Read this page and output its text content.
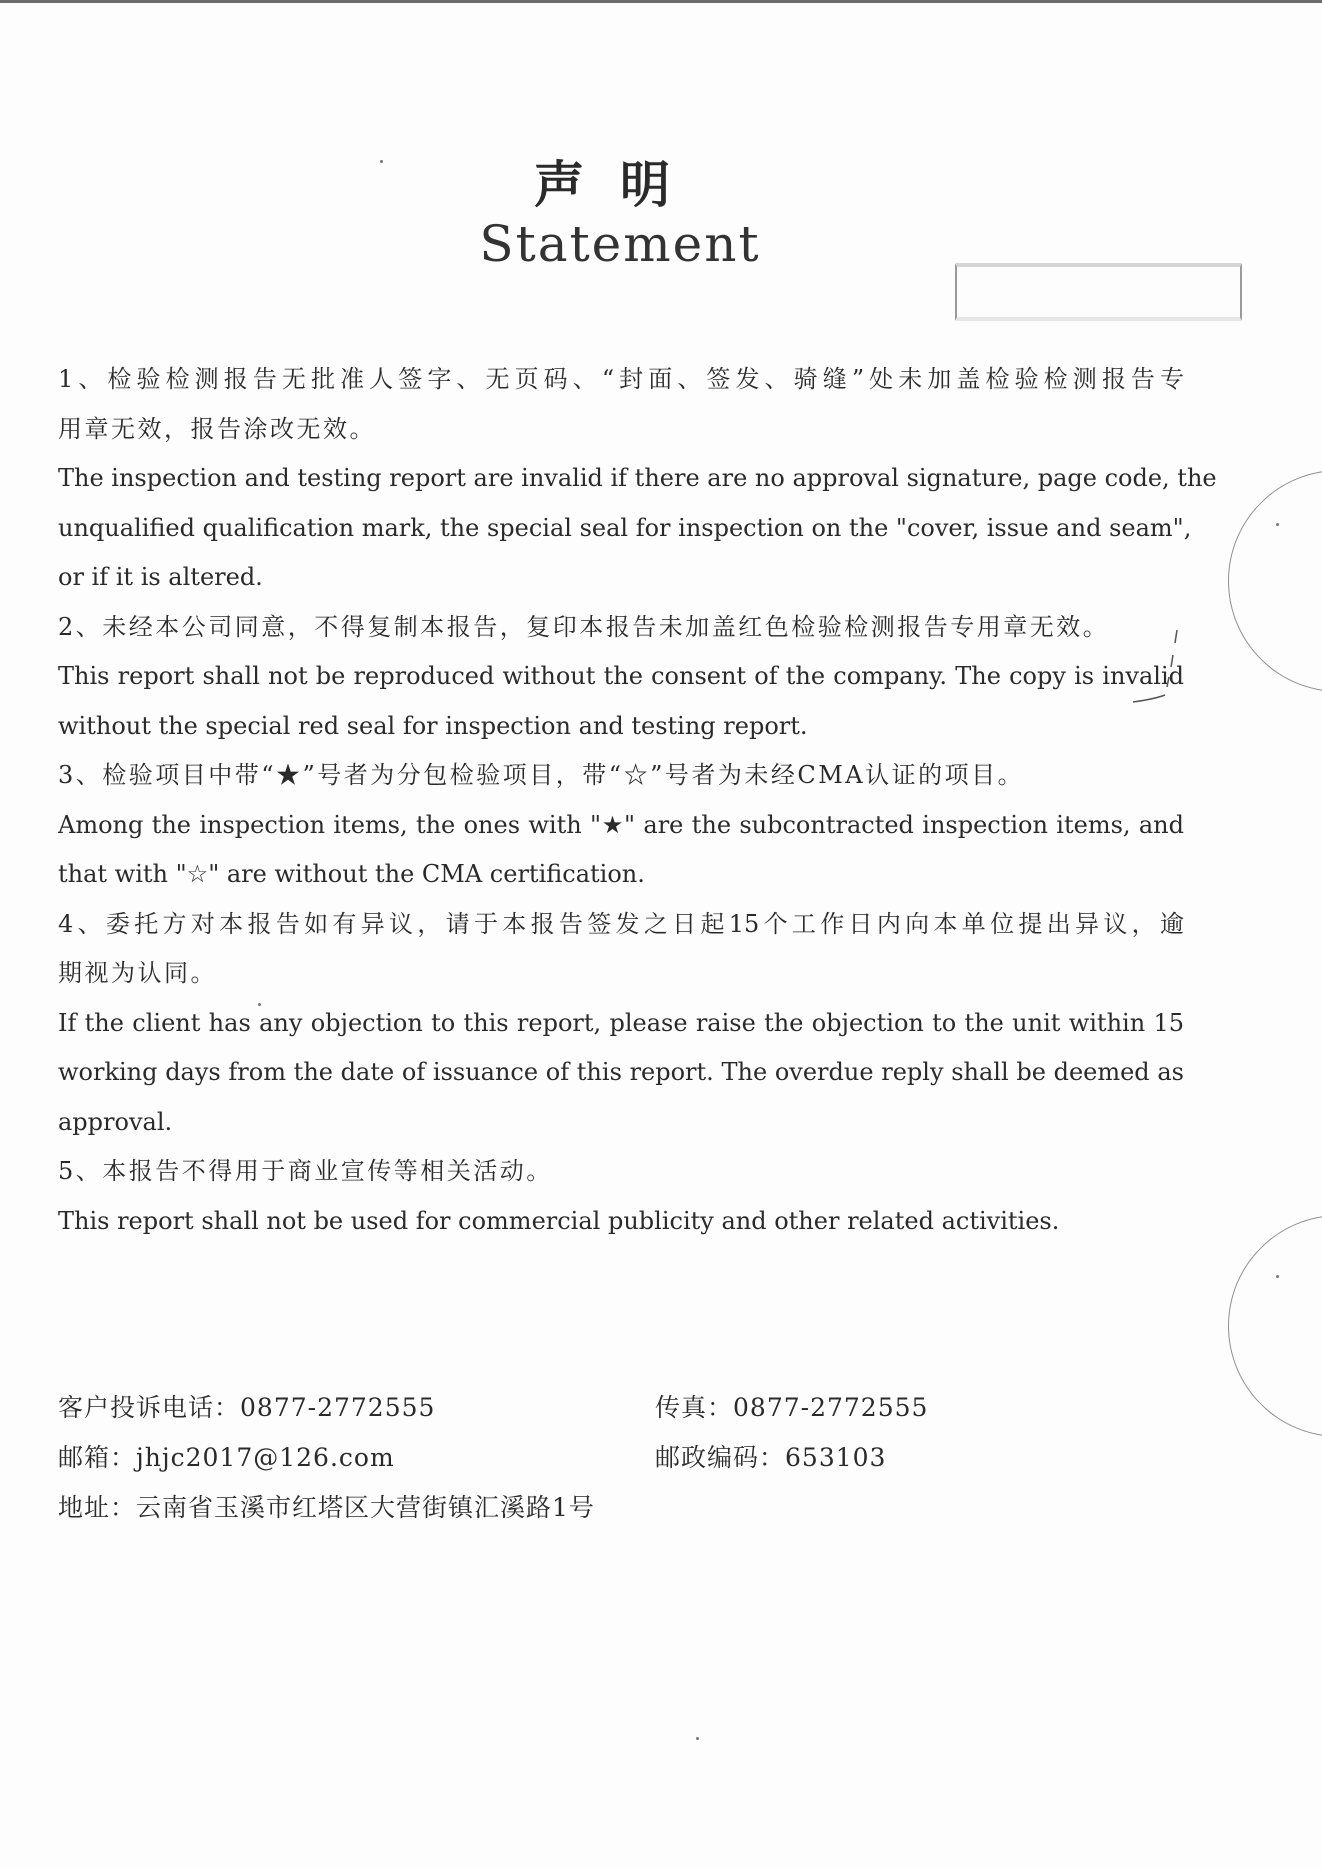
声明
Statement
1、检验检测报告无批准人签字、无页码、“封面、签发、骑缝”处未加盖检验检测报告专
用章无效，报告涂改无效。
The inspection and testing report are invalid if there are no approval signature, page code, the
unqualified qualification mark, the special seal for inspection on the "cover, issue and seam",
or if it is altered.
2、未经本公司同意，不得复制本报告，复印本报告未加盖红色检验检测报告专用章无效。
This report shall not be reproduced without the consent of the company. The copy is invalid
without the special red seal for inspection and testing report.
3、检验项目中带“★”号者为分包检验项目，带“☆”号者为未经CMA认证的项目。
Among the inspection items, the ones with "★" are the subcontracted inspection items, and
that with "☆" are without the CMA certification.
4、委托方对本报告如有异议，请于本报告签发之日起15个工作日内向本单位提出异议，逾
期视为认同。
If the client has any objection to this report, please raise the objection to the unit within 15
working days from the date of issuance of this report. The overdue reply shall be deemed as
approval.
5、本报告不得用于商业宣传等相关活动。
This report shall not be used for commercial publicity and other related activities.
客户投诉电话：0877-2772555	传真：0877-2772555
邮箱：jhjc2017@126.com	邮政编码：653103
地址：云南省玉溪市红塔区大营街镇汇溪路1号
